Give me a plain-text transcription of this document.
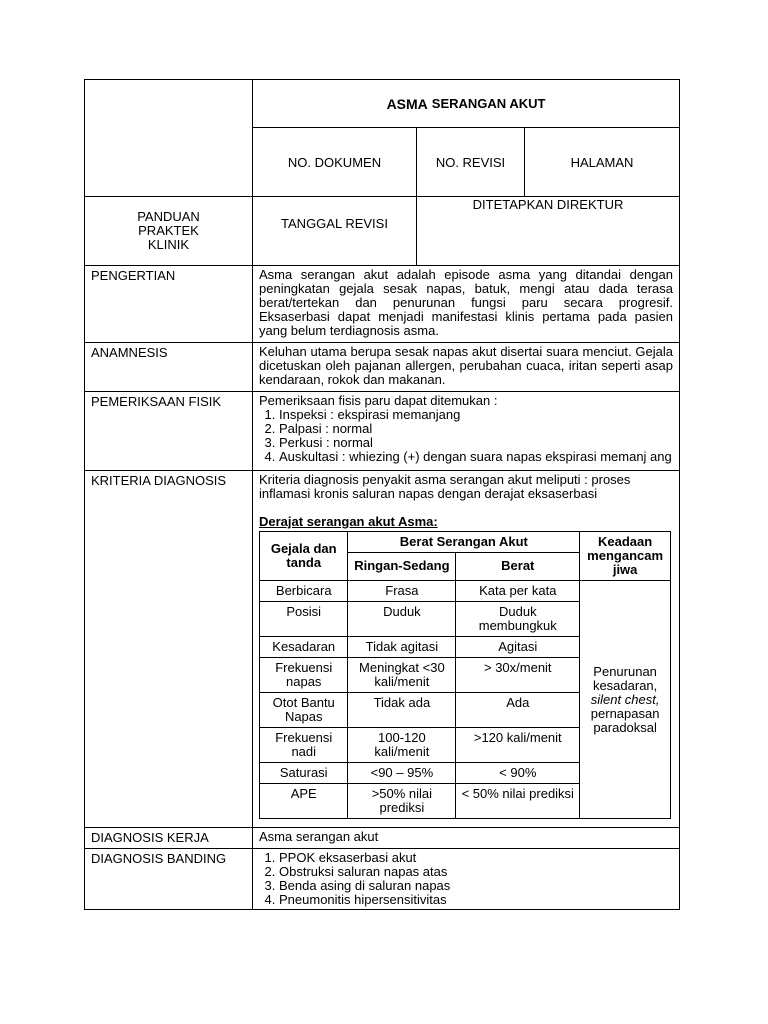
PANDUAN
PRAKTEK
KLINIK
ASMA SERANGAN AKUT
NO. DOKUMEN	NO. REVISI	HALAMAN
TANGGAL REVISI
DITETAPKAN DIREKTUR
PENGERTIAN	Asma serangan akut adalah episode asma yang ditandai dengan peningkatan gejala sesak napas, batuk, mengi atau dada terasa berat/tertekan dan penurunan fungsi paru secara progresif. Eksaserbasi dapat menjadi manifestasi klinis pertama pada pasien yang belum terdiagnosis asma.
ANAMNESIS	Keluhan utama berupa sesak napas akut disertai suara menciut. Gejala dicetuskan oleh pajanan allergen, perubahan cuaca, iritan seperti asap kendaraan, rokok dan makanan.
PEMERIKSAAN FISIK	Pemeriksaan fisis paru dapat ditemukan :
1. Inspeksi : ekspirasi memanjang
2. Palpasi : normal
3. Perkusi : normal
4. Auskultasi : whiezing (+) dengan suara napas ekspirasi memanj ang
KRITERIA DIAGNOSIS	Kriteria diagnosis penyakit asma serangan akut meliputi : proses inflamasi kronis saluran napas dengan derajat eksaserbasi
Derajat serangan akut Asma:
Gejala dan tanda	Berat Serangan Akut		Keadaan mengancam jiwa
	Ringan-Sedang	Berat	
Berbicara	Frasa	Kata per kata	Penurunan kesadaran,
silent chest,
pernapasan paradoksal

Posisi	Duduk	Duduk membungkuk	
Kesadaran	Tidak agitasi	Agitasi	
Frekuensi napas	Meningkat <30 kali/menit	> 30x/menit	
Otot Bantu Napas	Tidak ada	Ada	
Frekuensi nadi	100-120 kali/menit	>120 kali/menit	
Saturasi	<90 – 95%	< 90%	
APE	>50% nilai prediksi	< 50% nilai prediksi	
DIAGNOSIS KERJA	Asma serangan akut
DIAGNOSIS BANDING	1. PPOK eksaserbasi akut
2. Obstruksi saluran napas atas
3. Benda asing di saluran napas
4. Pneumonitis hipersensitivitas
